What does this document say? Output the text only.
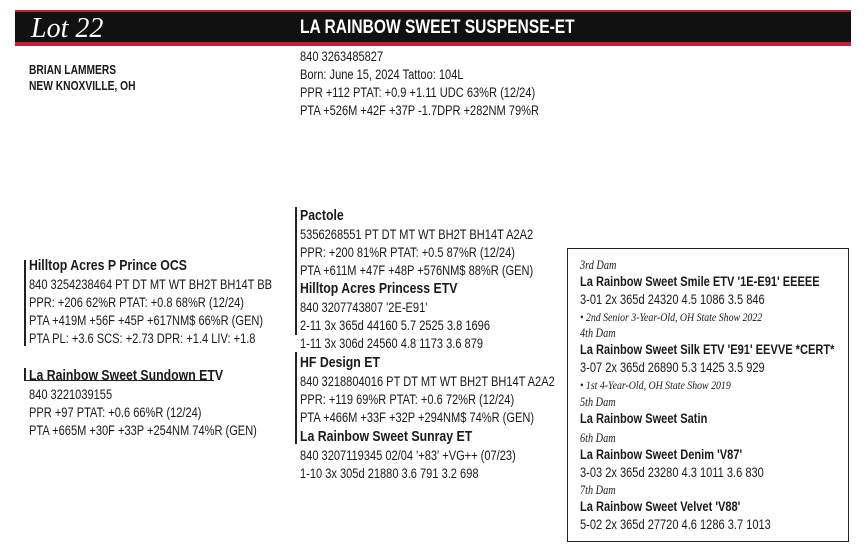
Lot 22	LA RAINBOW SWEET SUSPENSE-ET
BRIAN LAMMERS
NEW KNOXVILLE, OH
840 3263485827
Born: June 15, 2024 Tattoo: 104L
PPR +112 PTAT: +0.9 +1.11 UDC 63%R (12/24)
PTA +526M +42F +37P -1.7DPR +282NM 79%R
Hilltop Acres P Prince OCS
840 3254238464 PT DT MT WT BH2T BH14T BB
PPR: +206 62%R PTAT: +0.8 68%R (12/24)
PTA +419M +56F +45P +617NM$ 66%R (GEN)
PTA PL: +3.6 SCS: +2.73 DPR: +1.4 LIV: +1.8
La Rainbow Sweet Sundown ETV
840 3221039155
PPR +97 PTAT: +0.6 66%R (12/24)
PTA +665M +30F +33P +254NM 74%R (GEN)
Pactole
5356268551 PT DT MT WT BH2T BH14T A2A2
PPR: +200 81%R PTAT: +0.5 87%R (12/24)
PTA +611M +47F +48P +576NM$ 88%R (GEN)
Hilltop Acres Princess ETV
840 3207743807 '2E-E91'
2-11 3x 365d 44160 5.7 2525 3.8 1696
1-11 3x 306d 24560 4.8 1173 3.6 879
HF Design ET
840 3218804016 PT DT MT WT BH2T BH14T A2A2
PPR: +119 69%R PTAT: +0.6 72%R (12/24)
PTA +466M +33F +32P +294NM$ 74%R (GEN)
La Rainbow Sweet Sunray ET
840 3207119345 02/04 '+83' +VG++ (07/23)
1-10 3x 305d 21880 3.6 791 3.2 698
3rd Dam
La Rainbow Sweet Smile ETV '1E-E91' EEEEE
3-01 2x 365d 24320 4.5 1086 3.5 846
• 2nd Senior 3-Year-Old, OH State Show 2022
4th Dam
La Rainbow Sweet Silk ETV 'E91' EEVVE *CERT*
3-07 2x 365d 26890 5.3 1425 3.5 929
• 1st 4-Year-Old, OH State Show 2019
5th Dam
La Rainbow Sweet Satin
6th Dam
La Rainbow Sweet Denim 'V87'
3-03 2x 365d 23280 4.3 1011 3.6 830
7th Dam
La Rainbow Sweet Velvet 'V88'
5-02 2x 365d 27720 4.6 1286 3.7 1013
